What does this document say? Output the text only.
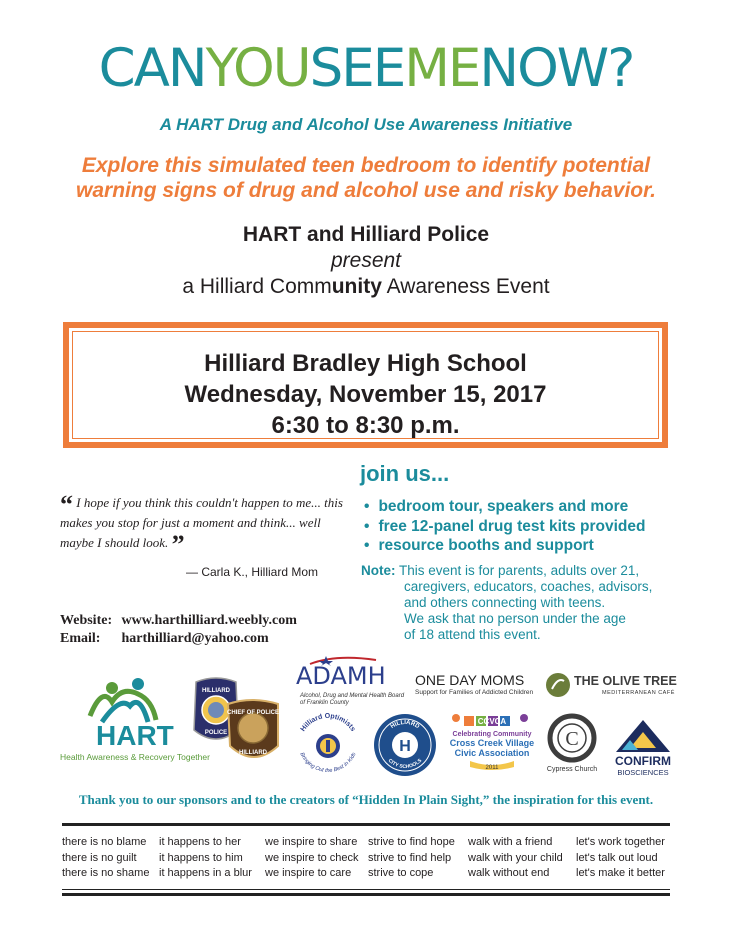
CANYOUSEEMENOW?
A HART Drug and Alcohol Use Awareness Initiative
Explore this simulated teen bedroom to identify potential warning signs of drug and alcohol use and risky behavior.
HART and Hilliard Police
present
a Hilliard Community Awareness Event
Hilliard Bradley High School
Wednesday, November 15, 2017
6:30 to 8:30 p.m.
“ I hope if you think this couldn't happen to me... this makes you stop for just a moment and think... well maybe I should look. ”
— Carla K., Hilliard Mom
join us...
• bedroom tour, speakers and more
• free 12-panel drug test kits provided
• resource booths and support
Note: This event is for parents, adults over 21,
caregivers, educators, coaches, advisors,
and others connecting with teens.
We ask that no person under the age
of 18 attend this event.
Website: www.harthilliard.weebly.com
Email: harthilliard@yahoo.com
HART
Health Awareness & Recovery Together
HILLIARD
POLICE
CHIEF OF POLICE
HILLIARD
ADAMH
Alcohol, Drug and Mental Health Board of Franklin County
ONE DAY MOMS
Support for Families of Addicted Children
THE OLIVE TREE
MEDITERRANEAN CAFÉ
Hilliard Optimists
Bringing Out the Best in Kids	H
HILLIARD
CITY SCHOOLS
CCVCA
Celebrating Community
Cross Creek Village
Civic Association
2011
C
Cypress Church
CONFIRM
BIOSCIENCES
Thank you to our sponsors and to the creators of “Hidden In Plain Sight,” the inspiration for this event.
there is no blame
there is no guilt
there is no shame
it happens to her
it happens to him
it happens in a blur
we inspire to share
we inspire to check
we inspire to care
strive to find hope
strive to find help
strive to cope
walk with a friend
walk with your child
walk without end
let's work together
let's talk out loud
let's make it better
